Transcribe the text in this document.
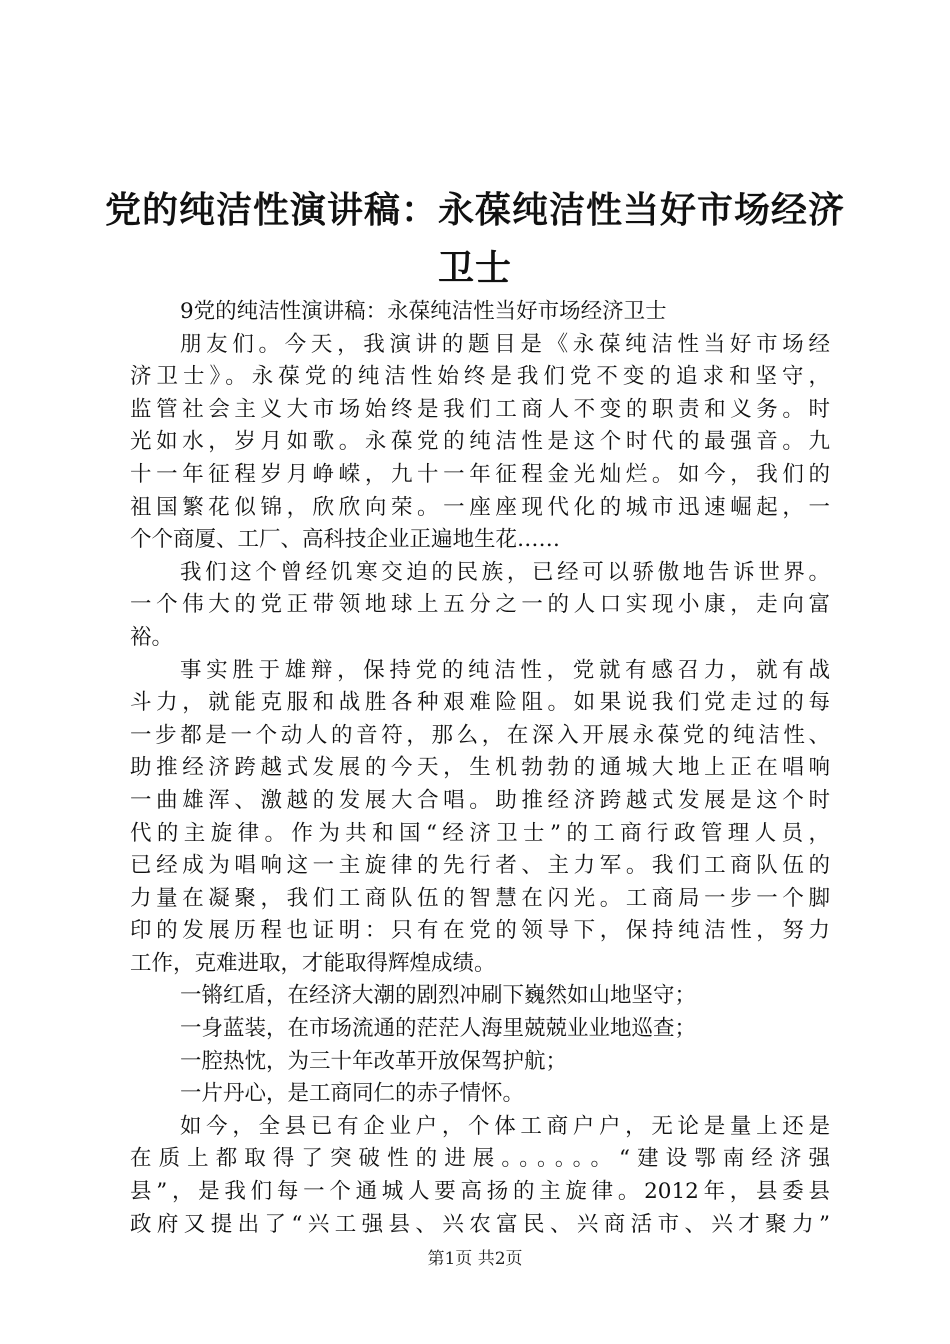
党的纯洁性演讲稿：永葆纯洁性当好市场经济
卫士
9党的纯洁性演讲稿：永葆纯洁性当好市场经济卫士
朋友们。今天，我演讲的题目是《永葆纯洁性当好市场经
济卫士》。永葆党的纯洁性始终是我们党不变的追求和坚守，
监管社会主义大市场始终是我们工商人不变的职责和义务。时
光如水，岁月如歌。永葆党的纯洁性是这个时代的最强音。九
十一年征程岁月峥嵘，九十一年征程金光灿烂。如今，我们的
祖国繁花似锦，欣欣向荣。一座座现代化的城市迅速崛起，一
个个商厦、工厂、高科技企业正遍地生花……
我们这个曾经饥寒交迫的民族，已经可以骄傲地告诉世界。
一个伟大的党正带领地球上五分之一的人口实现小康，走向富
裕。
事实胜于雄辩，保持党的纯洁性，党就有感召力，就有战
斗力，就能克服和战胜各种艰难险阻。如果说我们党走过的每
一步都是一个动人的音符，那么，在深入开展永葆党的纯洁性、
助推经济跨越式发展的今天，生机勃勃的通城大地上正在唱响
一曲雄浑、激越的发展大合唱。助推经济跨越式发展是这个时
代的主旋律。作为共和国“经济卫士”的工商行政管理人员，
已经成为唱响这一主旋律的先行者、主力军。我们工商队伍的
力量在凝聚，我们工商队伍的智慧在闪光。工商局一步一个脚
印的发展历程也证明：只有在党的领导下，保持纯洁性，努力
工作，克难进取，才能取得辉煌成绩。
一锵红盾，在经济大潮的剧烈冲刷下巍然如山地坚守；
一身蓝装，在市场流通的茫茫人海里兢兢业业地巡查；
一腔热忱，为三十年改革开放保驾护航；
一片丹心，是工商同仁的赤子情怀。
如今，全县已有企业户，个体工商户户，无论是量上还是
在质上都取得了突破性的进展。。。。。。“建设鄂南经济强
县”，是我们每一个通城人要高扬的主旋律。2012年，县委县
政府又提出了“兴工强县、兴农富民、兴商活市、兴才聚力”
第1页 共2页
